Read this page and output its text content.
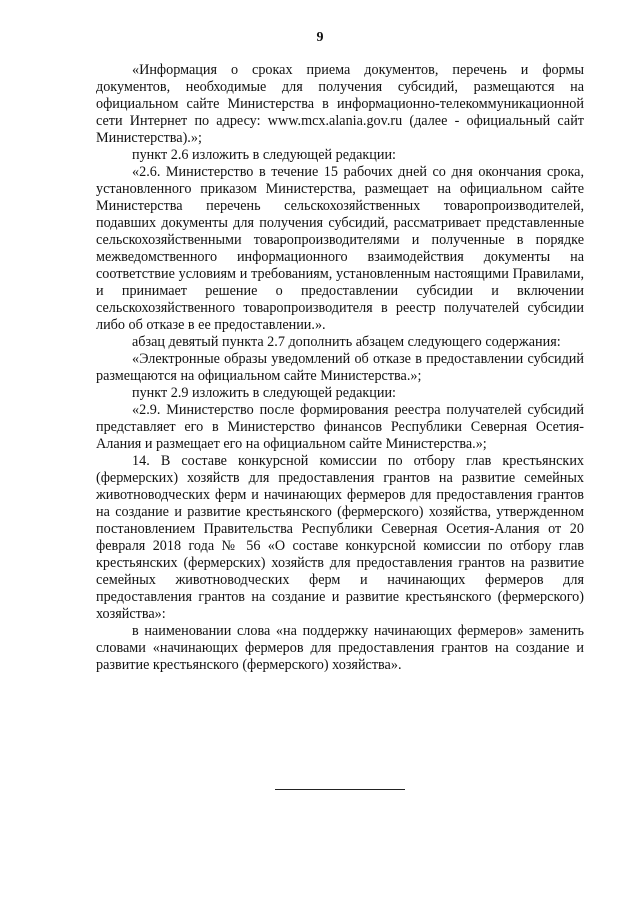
9

«Информация о сроках приема документов, перечень и формы документов, необходимые для получения субсидий, размещаются на официальном сайте Министерства в информационно-телекоммуникационной сети Интернет по адресу: www.mcx.alania.gov.ru (далее - официальный сайт Министерства).»;

пункт 2.6 изложить в следующей редакции:

«2.6. Министерство в течение 15 рабочих дней со дня окончания срока, установленного приказом Министерства, размещает на официальном сайте Министерства перечень сельскохозяйственных товаропроизводителей, подавших документы для получения субсидий, рассматривает представленные сельскохозяйственными товаропроизводителями и полученные в порядке межведомственного информационного взаимодействия документы на соответствие условиям и требованиям, установленным настоящими Правилами, и принимает решение о предоставлении субсидии и включении сельскохозяйственного товаропроизводителя в реестр получателей субсидии либо об отказе в ее предоставлении.».

абзац девятый пункта 2.7 дополнить абзацем следующего содержания:

«Электронные образы уведомлений об отказе в предоставлении субсидий размещаются на официальном сайте Министерства.»;

пункт 2.9 изложить в следующей редакции:

«2.9. Министерство после формирования реестра получателей субсидий представляет его в Министерство финансов Республики Северная Осетия-Алания и размещает его на официальном сайте Министерства.»;

14. В составе конкурсной комиссии по отбору глав крестьянских (фермерских) хозяйств для предоставления грантов на развитие семейных животноводческих ферм и начинающих фермеров для предоставления грантов на создание и развитие крестьянского (фермерского) хозяйства, утвержденном постановлением Правительства Республики Северная Осетия-Алания от 20 февраля 2018 года № 56 «О составе конкурсной комиссии по отбору глав крестьянских (фермерских) хозяйств для предоставления грантов на развитие семейных животноводческих ферм и начинающих фермеров для предоставления грантов на создание и развитие крестьянского (фермерского) хозяйства»:

в наименовании слова «на поддержку начинающих фермеров» заменить словами «начинающих фермеров для предоставления грантов на создание и развитие крестьянского (фермерского) хозяйства».
